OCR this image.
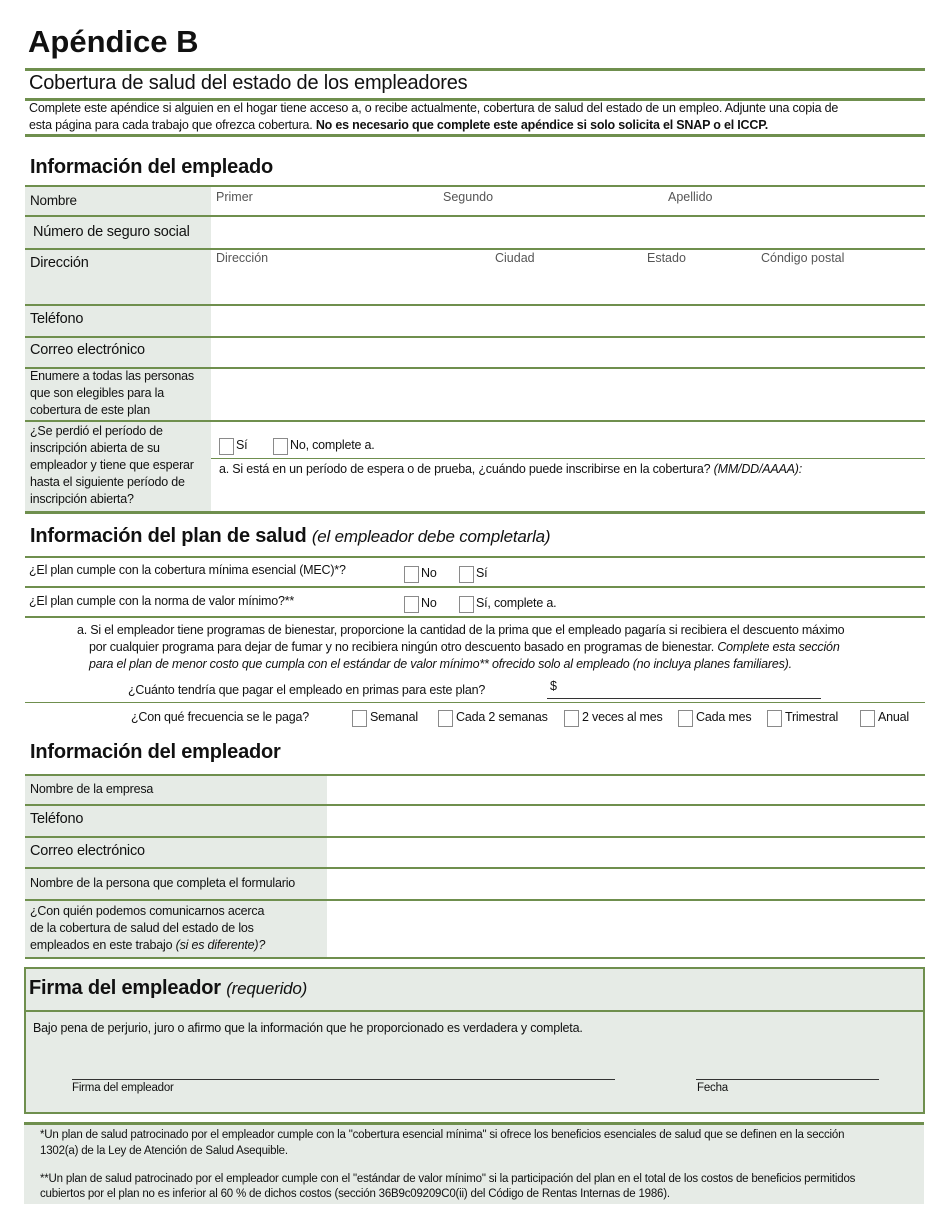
Apéndice B
Cobertura de salud del estado de los empleadores
Complete este apéndice si alguien en el hogar tiene acceso a, o recibe actualmente, cobertura de salud del estado de un empleo. Adjunte una copia de
esta página para cada trabajo que ofrezca cobertura. No es necesario que complete este apéndice si solo solicita el SNAP o el ICCP.
Información del empleado
Nombre	Primer	Segundo	Apellido
Número de seguro social
Dirección	Dirección	Ciudad	Estado	Cóndigo postal
Teléfono
Correo electrónico
Enumere a todas las personas
que son elegibles para la
cobertura de este plan
¿Se perdió el período de
inscripción abierta de su
empleador y tiene que esperar
hasta el siguiente período de
inscripción abierta?
Sí	No, complete a.
a. Si está en un período de espera o de prueba, ¿cuándo puede inscribirse en la cobertura? (MM/DD/AAAA):
Información del plan de salud (el empleador debe completarla)
¿El plan cumple con la cobertura mínima esencial (MEC)*?	No	Sí
¿El plan cumple con la norma de valor mínimo?**	No	Sí, complete a.
a. Si el empleador tiene programas de bienestar, proporcione la cantidad de la prima que el empleado pagaría si recibiera el descuento máximo
por cualquier programa para dejar de fumar y no recibiera ningún otro descuento basado en programas de bienestar. Complete esta sección
para el plan de menor costo que cumpla con el estándar de valor mínimo** ofrecido solo al empleado (no incluya planes familiares).
¿Cuánto tendría que pagar el empleado en primas para este plan?	$
¿Con qué frecuencia se le paga?	Semanal	Cada 2 semanas	2 veces al mes	Cada mes	Trimestral	Anual
Información del empleador
Nombre de la empresa
Teléfono
Correo electrónico
Nombre de la persona que completa el formulario
¿Con quién podemos comunicarnos acerca
de la cobertura de salud del estado de los
empleados en este trabajo (si es diferente)?
Firma del empleador (requerido)
Bajo pena de perjurio, juro o afirmo que la información que he proporcionado es verdadera y completa.
Firma del empleador	Fecha
*Un plan de salud patrocinado por el empleador cumple con la "cobertura esencial mínima" si ofrece los beneficios esenciales de salud que se definen en la sección
1302(a) de la Ley de Atención de Salud Asequible.
**Un plan de salud patrocinado por el empleador cumple con el "estándar de valor mínimo" si la participación del plan en el total de los costos de beneficios permitidos
cubiertos por el plan no es inferior al 60 % de dichos costos (sección 36B9c09209C0(ii) del Código de Rentas Internas de 1986).
